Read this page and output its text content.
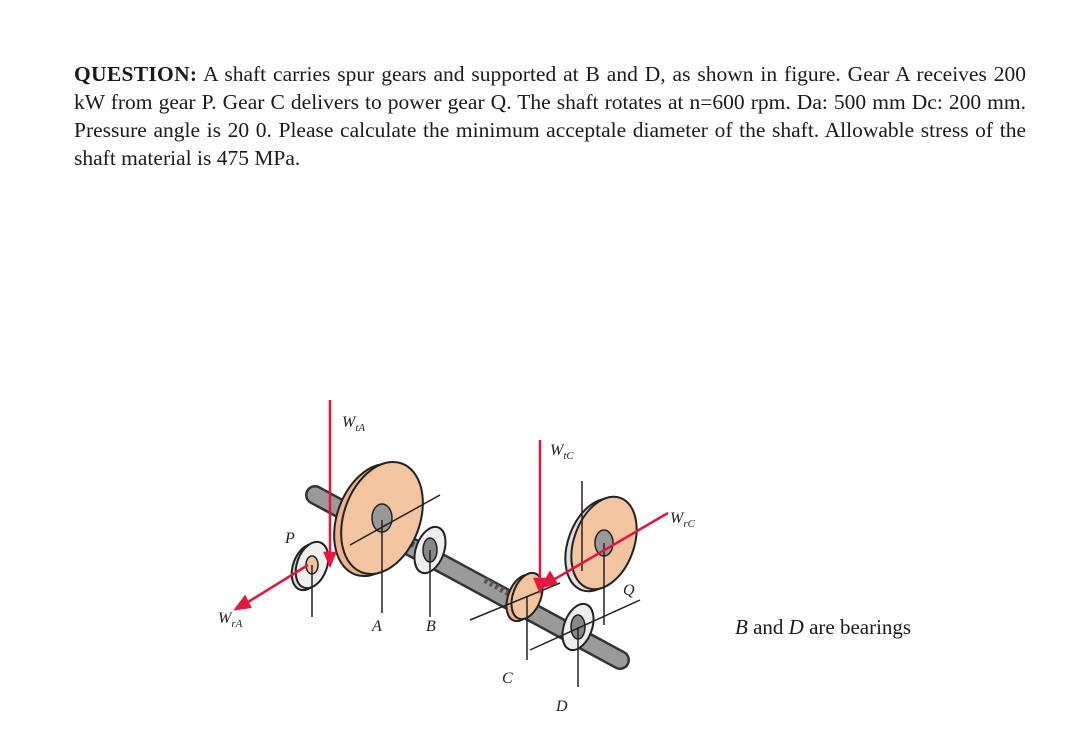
QUESTION: A shaft carries spur gears and supported at B and D, as shown in figure. Gear A receives 200 kW from gear P. Gear C delivers to power gear Q. The shaft rotates at n=600 rpm. Da: 500 mm Dc: 200 mm. Pressure angle is 20 0. Please calculate the minimum acceptale diameter of the shaft. Allowable stress of the shaft material is 475 MPa.
$W_{tA}$
$W_{tC}$
$W_{rC}$
$W_{rA}$
P
A	B
C
D
Q
B and D are bearings
